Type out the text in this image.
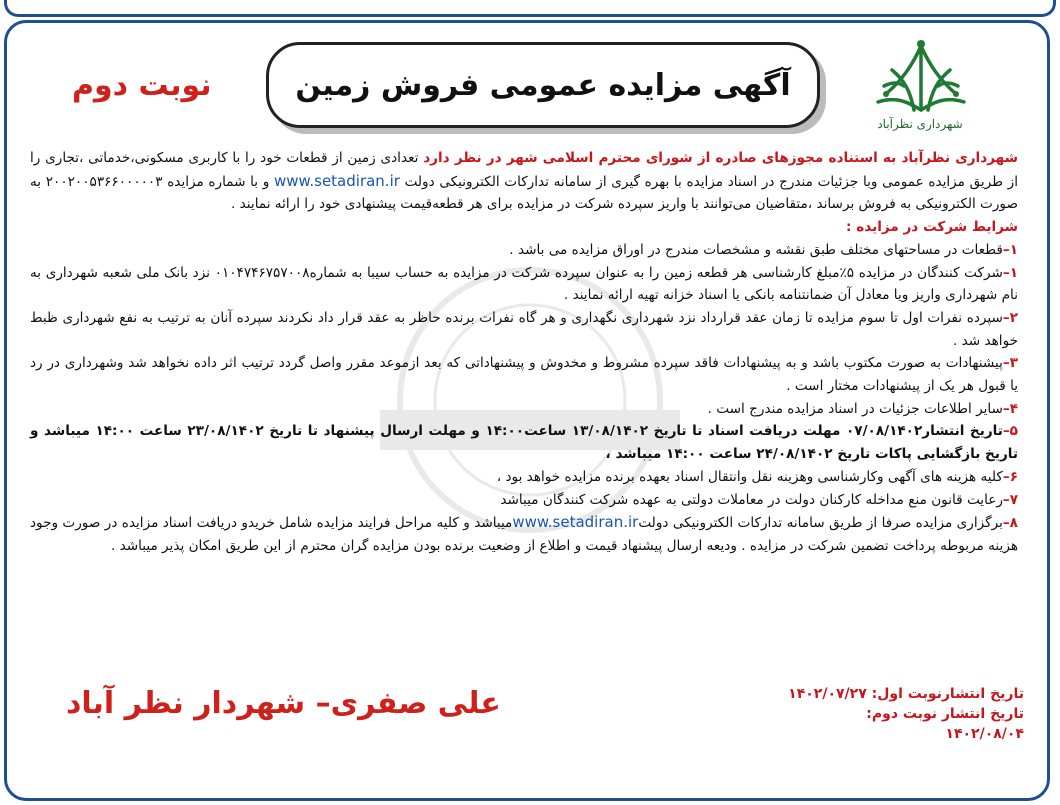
شهرداری نظرآباد
آگهی مزایده عمومی فروش زمین
نوبت دوم

شهرداری نظرآباد به استناده مجوزهای صادره از شورای محترم اسلامی شهر در نظر دارد تعدادی زمین از قطعات خود را با کاربری مسکونی،خدماتی ،تجاری را از طریق مزایده عمومی وبا جزئیات مندرج در اسناد مزایده با بهره گیری از سامانه تدارکات الکترونیکی دولت www.setadiran.ir و با شماره مزایده ۲۰۰۲۰۰۵۳۶۶۰۰۰۰۰۳ به صورت الکترونیکی به فروش برساند ،متقاضیان می‌توانند با واریز سپرده شرکت در مزایده برای هر قطعه‌قیمت پیشنهادی خود را ارائه نمایند .

شرایط شرکت در مزایده :

۱–قطعات در مساحتهای مختلف طبق نقشه و مشخصات مندرج در اوراق مزایده می باشد .

۱–شرکت کنندگان در مزایده ۵٪مبلغ کارشناسی هر قطعه زمین را به عنوان سپرده شرکت در مزایده به حساب سیبا به شماره۰۱۰۴۷۴۶۷۵۷۰۰۸ نزد بانک ملی شعبه شهرداری به نام شهرداری واریز ویا معادل آن ضمانتنامه بانکی یا اسناد خزانه تهیه ارائه نمایند .

۲–سپرده نفرات اول تا سوم مزایده تا زمان عقد قرارداد نزد شهرداری نگهداری و هر گاه نفرات برنده حاظر به عقد قرار داد نکردند سپرده آنان به ترتیب به نفع شهرداری ظبط خواهد شد .

۳–پیشنهادات به صورت مکتوب باشد و به پیشنهادات فاقد سپرده مشروط و مخدوش و پیشنهاداتی که بعد ازموعد مقرر واصل گردد ترتیب اثر داده نخواهد شد وشهرداری در رد یا قبول هر یک از پیشنهادات مختار است .

۴–سایر اطلاعات جزئیات در اسناد مزایده مندرج است .

۵–تاریخ انتشار۰۷/۰۸/۱۴۰۲ مهلت دریافت اسناد تا تاریخ ۱۳/۰۸/۱۴۰۲ ساعت۱۴:۰۰ و مهلت ارسال پیشنهاد تا تاریخ ۲۳/۰۸/۱۴۰۲ ساعت ۱۴:۰۰ میباشد و تاریخ بازگشایی پاکات تاریخ ۲۴/۰۸/۱۴۰۲ ساعت ۱۴:۰۰ میباشد ،

۶–کلیه هزینه های آگهی وکارشناسی وهزینه نقل وانتقال اسناد بعهده برنده مزایده خواهد بود ،

۷–رعایت قانون منع مداخله کارکنان دولت در معاملات دولتی به عهده شرکت کنندگان میباشد

۸–برگزاری مزایده صرفا از طریق سامانه تدارکات الکترونیکی دولتwww.setadiran.irمیباشد و کلیه مراحل فرایند مزایده شامل خریدو دریافت اسناد مزایده در صورت وجود هزینه مربوطه پرداخت تضمین شرکت در مزایده . ودیعه ارسال پیشنهاد قیمت و اطلاع از وضعیت برنده بودن مزایده گران محترم از این طریق امکان پذیر میباشد .

تاریخ انتشارنوبت اول: ۱۴۰۲/۰۷/۲۷
تاریخ انتشار نوبت دوم: ۱۴۰۲/۰۸/۰۴
علی صفری– شهردار نظر آباد
